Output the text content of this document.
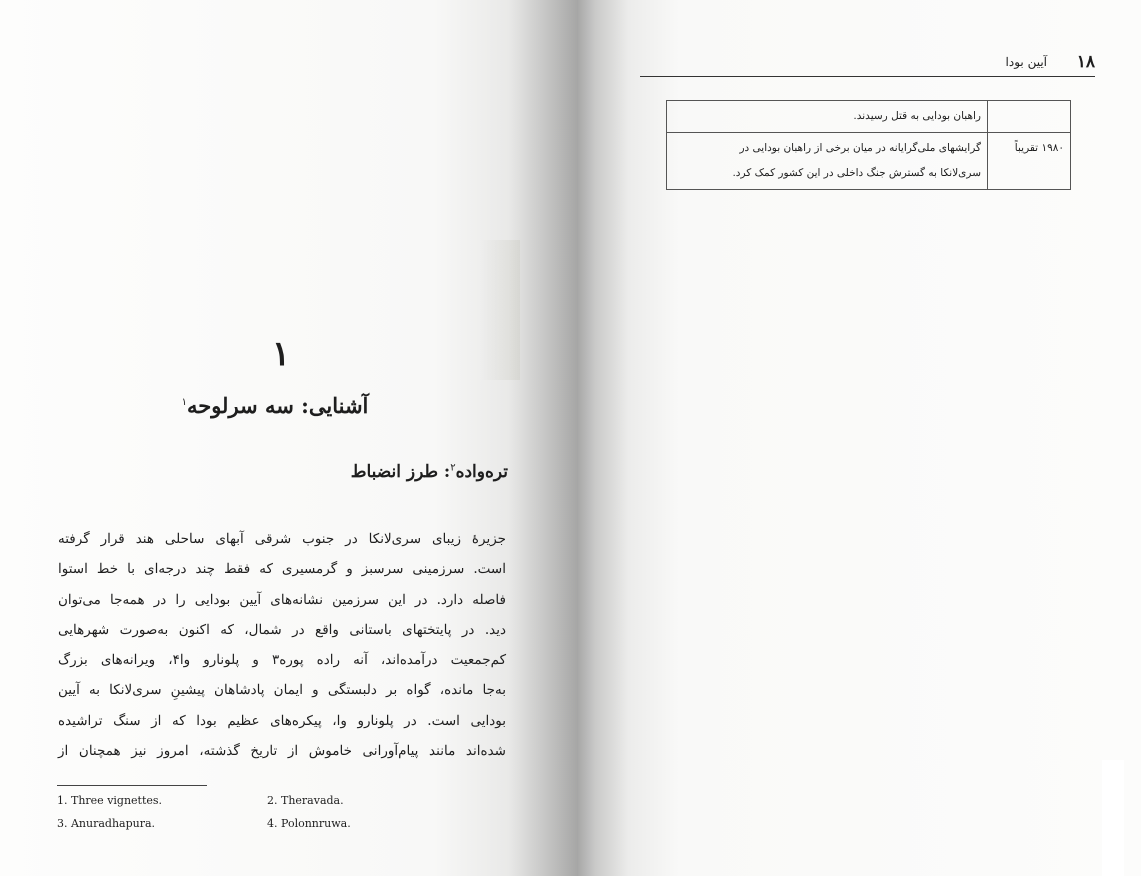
۱
آشنایی: سه سرلوحه$^۱$
تره‌واده$^۲$: طرز انضباط
جزیرهٔ زیبای سری‌لانکا در جنوب شرقی آبهای ساحلی هند قرار گرفته
است. سرزمینی سرسبز و گرمسیری که فقط چند درجه‌ای با خط استوا
فاصله دارد. در این سرزمین نشانه‌های آیین بودایی را در همه‌جا می‌توان
دید. در پایتختهای باستانی واقع در شمال، که اکنون به‌صورت شهرهایی
کم‌جمعیت درآمده‌اند، آنه راده پوره‌۳ و پلونارو وا‌۴، ویرانه‌های بزرگ
به‌جا مانده، گواه بر دلبستگی و ایمان پادشاهان پیشینِ سری‌لانکا به آیین
بودایی است. در پلونارو وا، پیکره‌های عظیم بودا که از سنگ تراشیده
شده‌اند مانند پیام‌آورانی خاموش از تاریخ گذشته، امروز نیز همچنان از
1. Three vignettes.	2. Theravada.
3. Anuradhapura.	4. Polonnruwa.
۱۸
آیین بودا

	راهبان بودایی به قتل رسیدند.

۱۹۸۰ تقریباً	گرایشهای ملی‌گرایانه در میان برخی از راهبان بودایی در
سری‌لانکا به گسترش جنگ داخلی در این کشور کمک کرد.
